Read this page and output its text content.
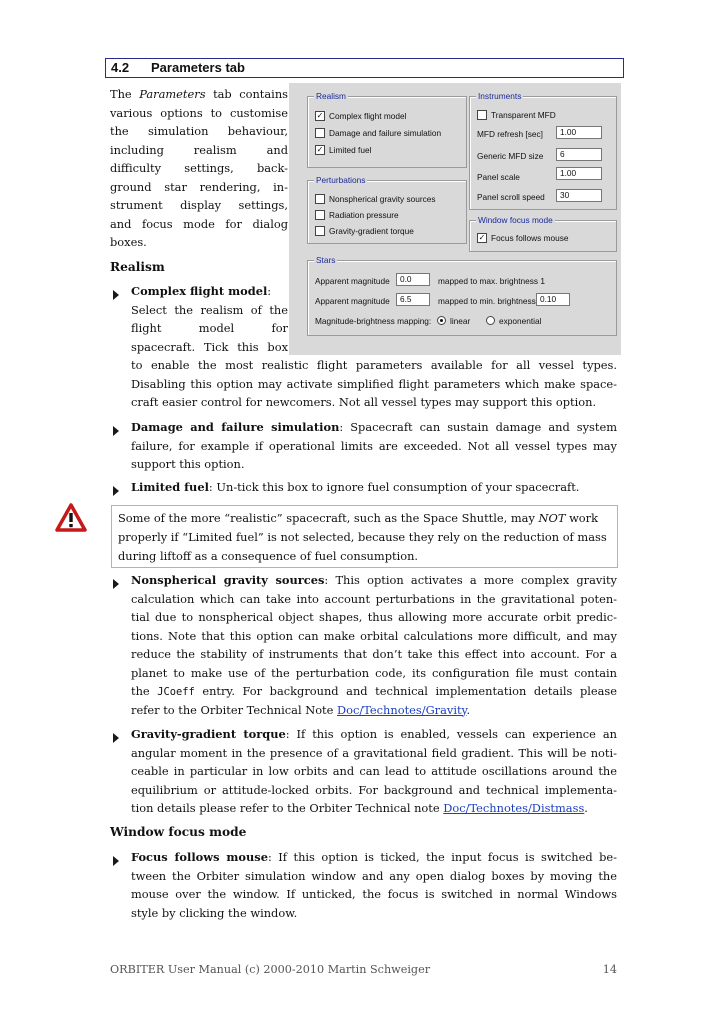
4.2 Parameters tab
The Parameters tab contains
various options to customise
the simulation behaviour,
including realism and
difficulty settings, back-
ground star rendering, in-
strument display settings,
and focus mode for dialog
boxes.
Realism
✓ Complex flight model
Damage and failure simulation
✓ Limited fuel
Perturbations
Nonspherical gravity sources
Radiation pressure
Gravity-gradient torque
Instruments
Transparent MFD
MFD refresh [sec]	1.00
Generic MFD size	6
Panel scale	1.00
Panel scroll speed	30
Window focus mode
✓ Focus follows mouse
Stars
Apparent magnitude	0.0	mapped to max. brightness 1
Apparent magnitude	6.5	mapped to min. brightness 0.10
Magnitude-brightness mapping: linear	exponential
Realism
Complex flight model:
Select the realism of the
flight model for
spacecraft. Tick this box
to enable the most realistic flight parameters available for all vessel types.
Disabling this option may activate simplified flight parameters which make space-
craft easier control for newcomers. Not all vessel types may support this option.
Damage and failure simulation: Spacecraft can sustain damage and system
failure, for example if operational limits are exceeded. Not all vessel types may
support this option.
Limited fuel: Un-tick this box to ignore fuel consumption of your spacecraft.
Some of the more “realistic” spacecraft, such as the Space Shuttle, may NOT work
properly if “Limited fuel” is not selected, because they rely on the reduction of mass
during liftoff as a consequence of fuel consumption.
Nonspherical gravity sources: This option activates a more complex gravity
calculation which can take into account perturbations in the gravitational poten-
tial due to nonspherical object shapes, thus allowing more accurate orbit predic-
tions. Note that this option can make orbital calculations more difficult, and may
reduce the stability of instruments that don’t take this effect into account. For a
planet to make use of the perturbation code, its configuration file must contain
the JCoeff entry. For background and technical implementation details please
refer to the Orbiter Technical Note Doc/Technotes/Gravity.
Gravity-gradient torque: If this option is enabled, vessels can experience an
angular moment in the presence of a gravitational field gradient. This will be noti-
ceable in particular in low orbits and can lead to attitude oscillations around the
equilibrium or attitude-locked orbits. For background and technical implementa-
tion details please refer to the Orbiter Technical note Doc/Technotes/Distmass.
Window focus mode
Focus follows mouse: If this option is ticked, the input focus is switched be-
tween the Orbiter simulation window and any open dialog boxes by moving the
mouse over the window. If unticked, the focus is switched in normal Windows
style by clicking the window.
ORBITER User Manual (c) 2000-2010 Martin Schweiger	14
